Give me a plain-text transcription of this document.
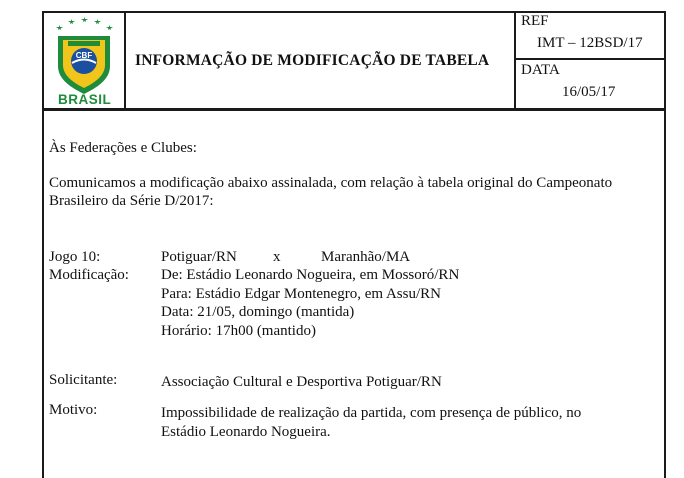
CBF
BRASIL
INFORMAÇÃO DE MODIFICAÇÃO DE TABELA
REF
IMT – 12BSD/17
DATA
16/05/17
Às Federações e Clubes:
Comunicamos a modificação abaixo assinalada, com relação à tabela original do Campeonato
Brasileiro da Série D/2017:
Jogo 10:	Potiguar/RN x	Maranhão/MA
Modificação: De: Estádio Leonardo Nogueira, em Mossoró/RN
Para: Estádio Edgar Montenegro, em Assu/RN
Data: 21/05, domingo (mantida)
Horário: 17h00 (mantido)
Solicitante:	Associação Cultural e Desportiva Potiguar/RN
Motivo:	Impossibilidade de realização da partida, com presença de público, no
Estádio Leonardo Nogueira.
